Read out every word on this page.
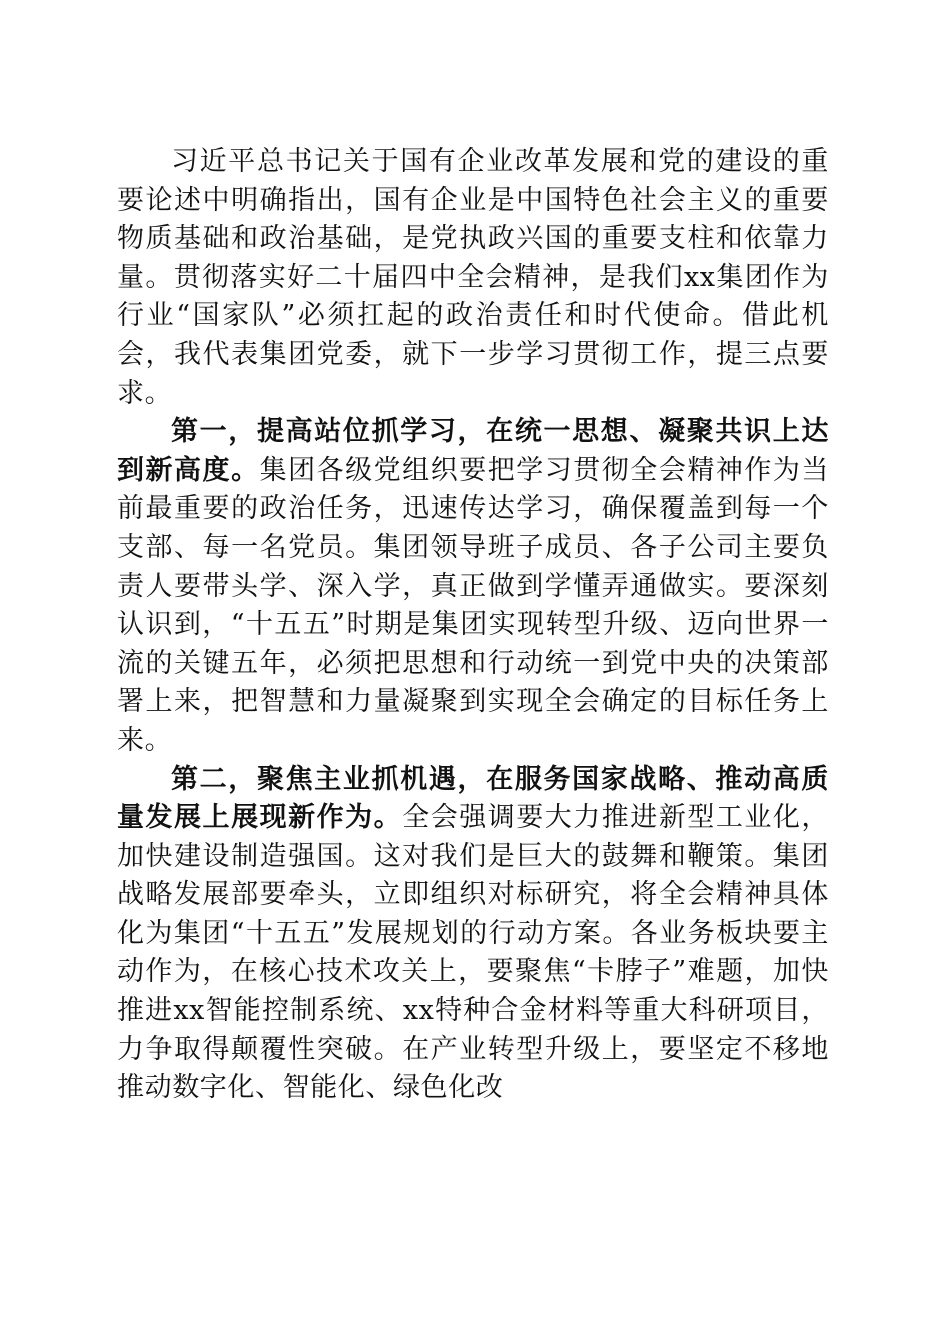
习近平总书记关于国有企业改革发展和党的建设的重要论述中明确指出，国有企业是中国特色社会主义的重要物质基础和政治基础，是党执政兴国的重要支柱和依靠力量。贯彻落实好二十届四中全会精神，是我们xx集团作为行业“国家队”必须扛起的政治责任和时代使命。借此机会，我代表集团党委，就下一步学习贯彻工作，提三点要求。

第一，提高站位抓学习，在统一思想、凝聚共识上达到新高度。集团各级党组织要把学习贯彻全会精神作为当前最重要的政治任务，迅速传达学习，确保覆盖到每一个支部、每一名党员。集团领导班子成员、各子公司主要负责人要带头学、深入学，真正做到学懂弄通做实。要深刻认识到，“十五五”时期是集团实现转型升级、迈向世界一流的关键五年，必须把思想和行动统一到党中央的决策部署上来，把智慧和力量凝聚到实现全会确定的目标任务上来。

第二，聚焦主业抓机遇，在服务国家战略、推动高质量发展上展现新作为。全会强调要大力推进新型工业化，加快建设制造强国。这对我们是巨大的鼓舞和鞭策。集团战略发展部要牵头，立即组织对标研究，将全会精神具体化为集团“十五五”发展规划的行动方案。各业务板块要主动作为，在核心技术攻关上，要聚焦“卡脖子”难题，加快推进xx智能控制系统、xx特种合金材料等重大科研项目，力争取得颠覆性突破。在产业转型升级上，要坚定不移地推动数字化、智能化、绿色化改
